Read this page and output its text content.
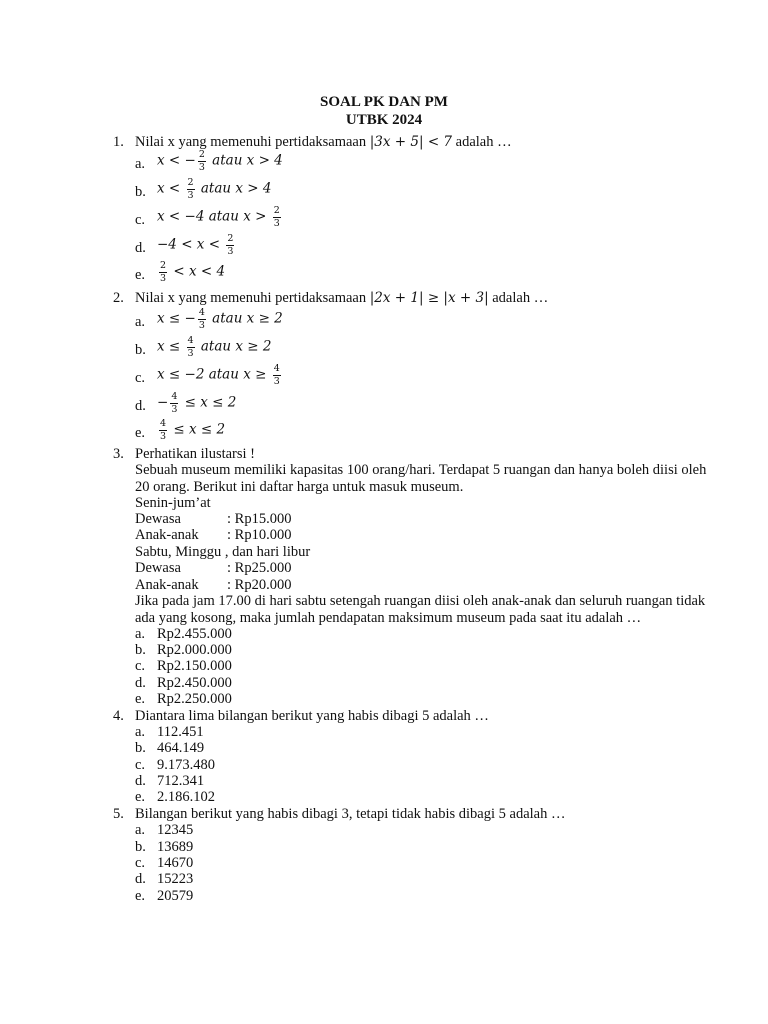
SOAL PK DAN PM
UTBK 2024
1. Nilai x yang memenuhi pertidaksamaan |3x + 5| < 7 adalah …
a. x < − $\frac{2}{3}$ atau x > 4
b. $x < \frac{2}{3}$ atau x > 4
c. x < −4 atau $x > \frac{2}{3}$
d. $-4 < x < \frac{2}{3}$
e. $\frac{2}{3} < x < 4$
2. Nilai x yang memenuhi pertidaksamaan |2x + 1| ≥ |x + 3| adalah …
a. x ≤ − $\frac{4}{3}$ atau x ≥ 2
b. $x \le \frac{4}{3}$ atau x ≥ 2
c. x ≤ −2 atau $x \ge \frac{4}{3}$
d. − $\frac{4}{3} \le x \le 2$
e. $\frac{4}{3} \le x \le 2$
3. Perhatikan ilustarsi !
Sebuah museum memiliki kapasitas 100 orang/hari. Terdapat 5 ruangan dan hanya boleh diisi oleh
20 orang. Berikut ini daftar harga untuk masuk museum.
Senin-jum’at
Dewasa	: Rp15.000
Anak-anak : Rp10.000
Sabtu, Minggu , dan hari libur
Dewasa	: Rp25.000
Anak-anak : Rp20.000
Jika pada jam 17.00 di hari sabtu setengah ruangan diisi oleh anak-anak dan seluruh ruangan tidak
ada yang kosong, maka jumlah pendapatan maksimum museum pada saat itu adalah …
a. Rp2.455.000
b. Rp2.000.000
c. Rp2.150.000
d. Rp2.450.000
e. Rp2.250.000
4. Diantara lima bilangan berikut yang habis dibagi 5 adalah …
a. 112.451
b. 464.149
c. 9.173.480
d. 712.341
e. 2.186.102
5. Bilangan berikut yang habis dibagi 3, tetapi tidak habis dibagi 5 adalah …
a. 12345
b. 13689
c. 14670
d. 15223
e. 20579
